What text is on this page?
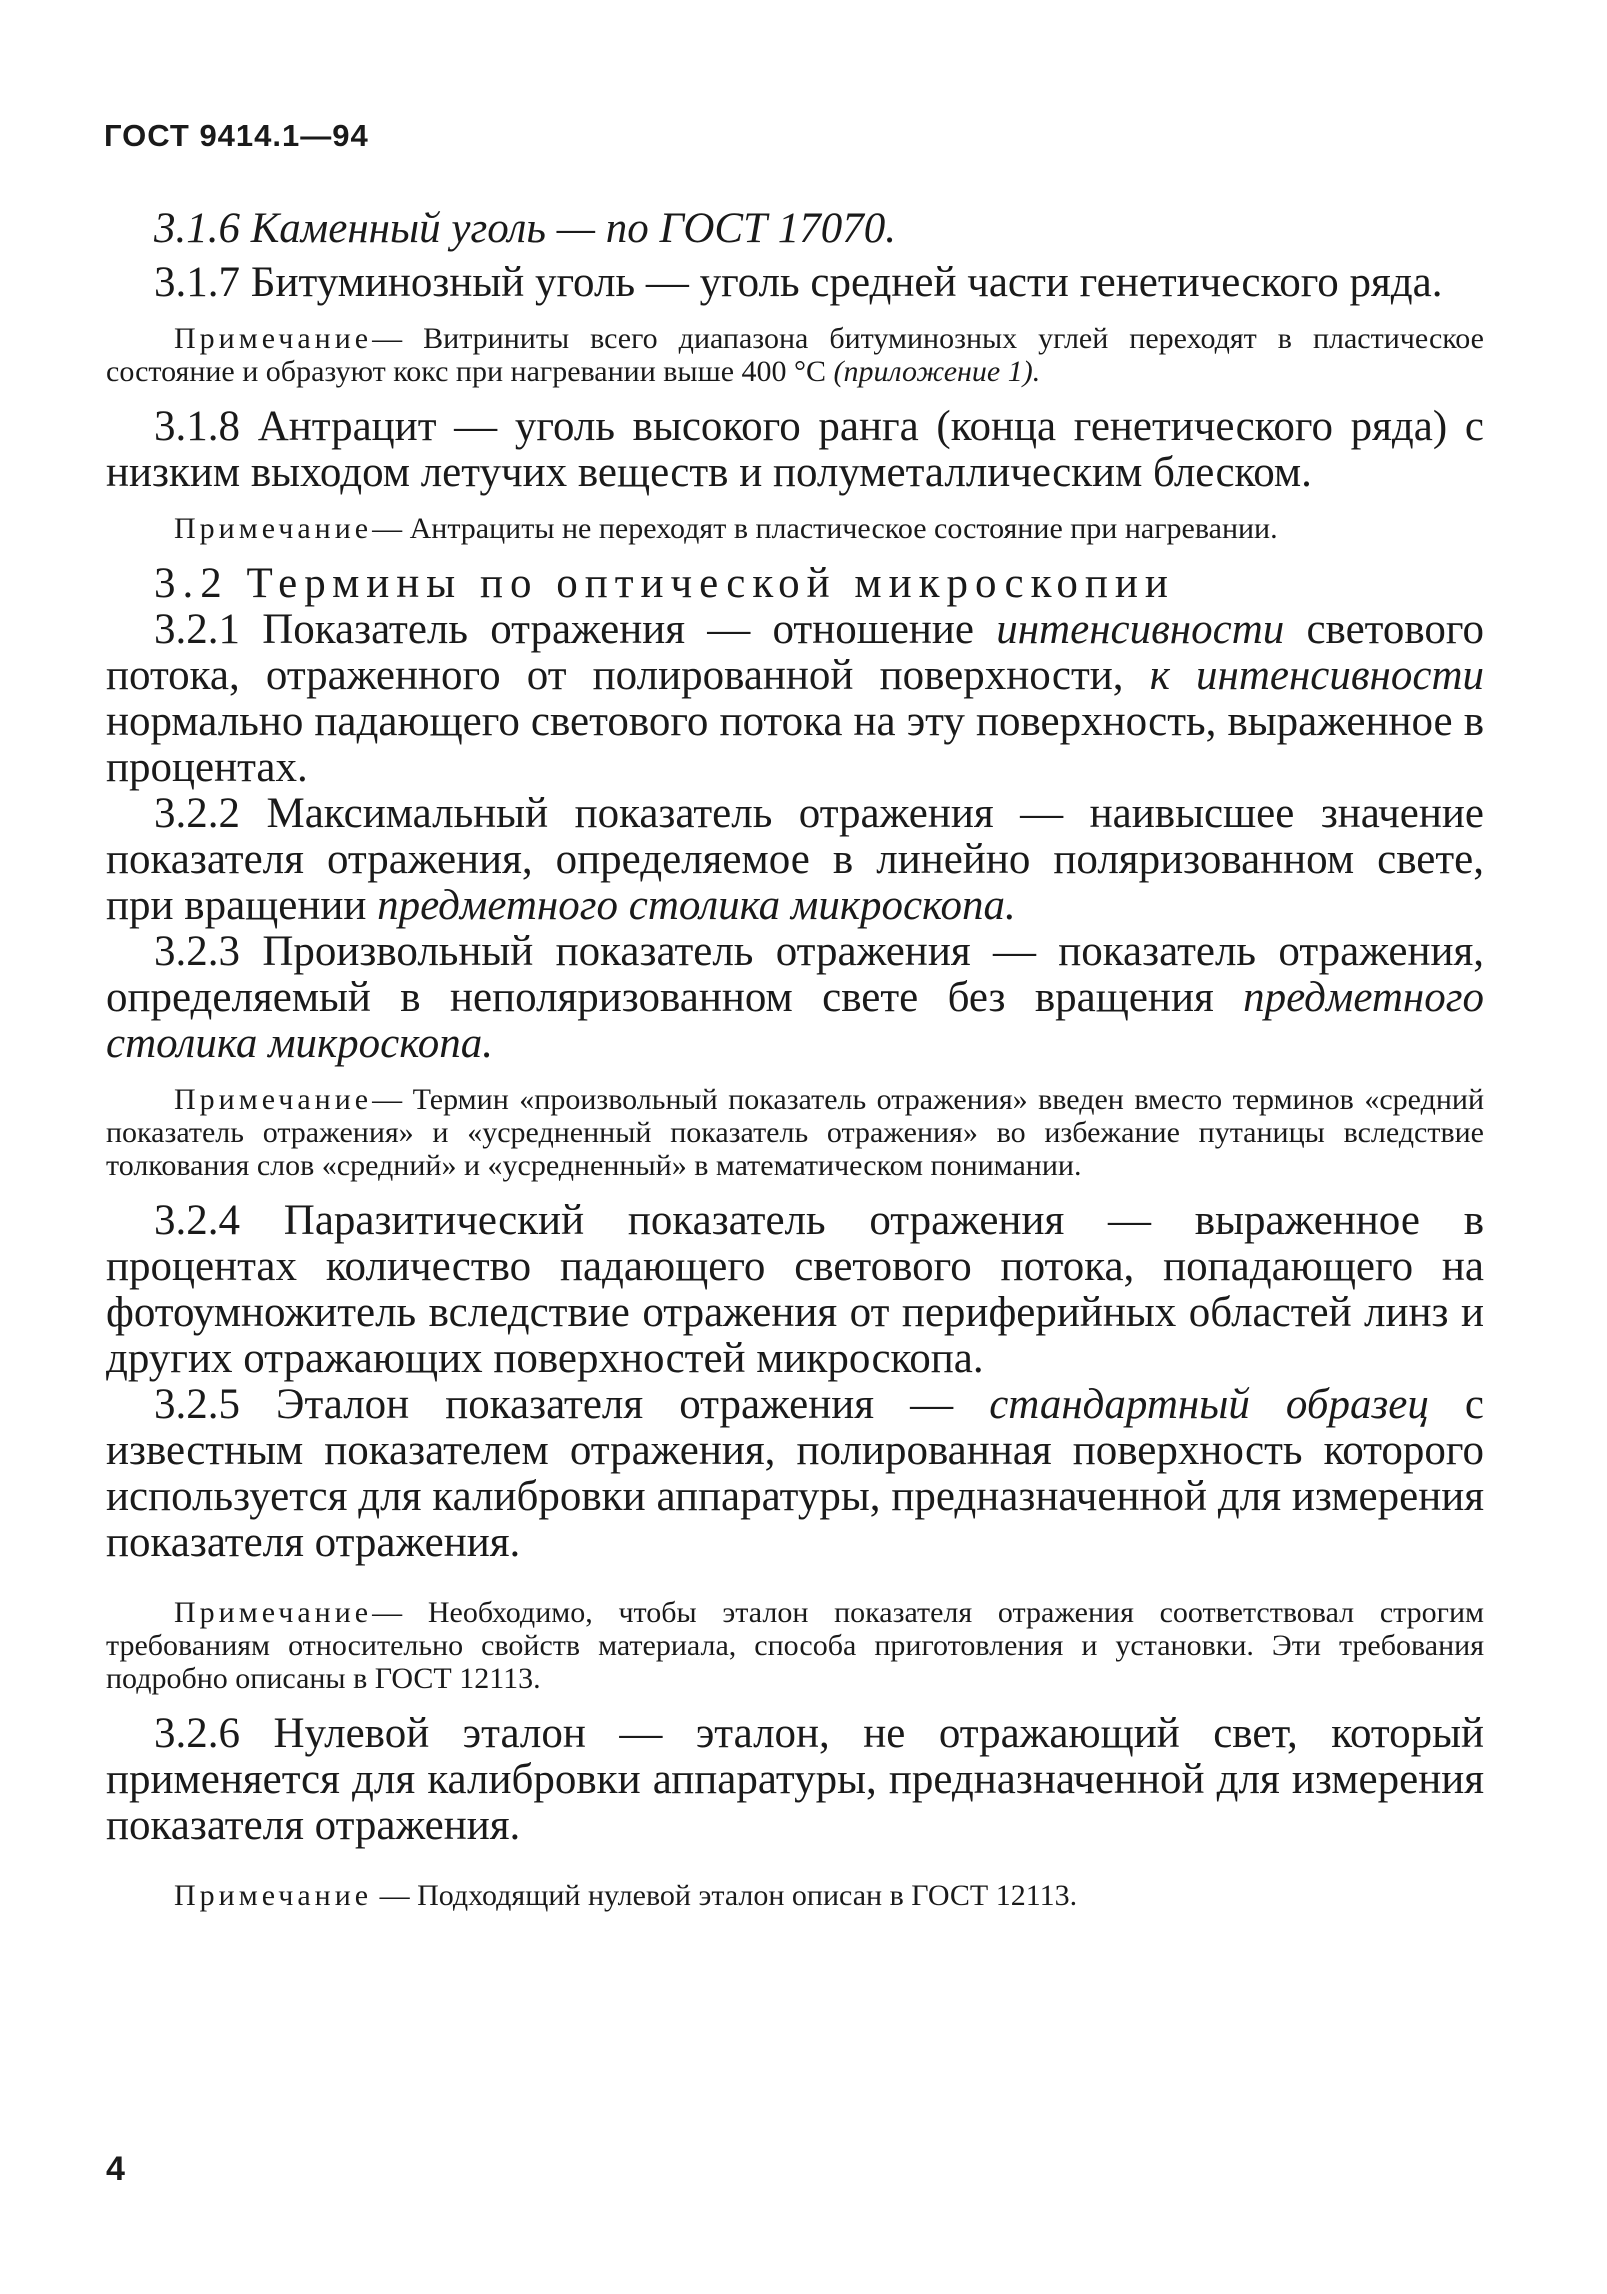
ГОСТ 9414.1—94

3.1.6 Каменный уголь — по ГОСТ 17070.

3.1.7 Битуминозный уголь — уголь средней части генетического ряда.

Примечание— Витриниты всего диапазона битуминозных углей переходят в пластическое состояние и образуют кокс при нагревании выше 400 °С (приложение 1).

3.1.8 Антрацит — уголь высокого ранга (конца генетического ряда) с низким выходом летучих веществ и полуметаллическим блеском.

Примечание— Антрациты не переходят в пластическое состояние при нагревании.

3.2 Термины по оптической микроскопии

3.2.1 Показатель отражения — отношение интенсивности светового потока, отраженного от полированной поверхности, к интенсивности нормально падающего светового потока на эту поверхность, выраженное в процентах.

3.2.2 Максимальный показатель отражения — наивысшее значение показателя отражения, определяемое в линейно поляризованном свете, при вращении предметного столика микроскопа.

3.2.3 Произвольный показатель отражения — показатель отражения, определяемый в неполяризованном свете без вращения предметного столика микроскопа.

Примечание— Термин «произвольный показатель отражения» введен вместо терминов «средний показатель отражения» и «усредненный показатель отражения» во избежание путаницы вследствие толкования слов «средний» и «усредненный» в математическом понимании.

3.2.4 Паразитический показатель отражения — выраженное в процентах количество падающего светового потока, попадающего на фотоумножитель вследствие отражения от периферийных областей линз и других отражающих поверхностей микроскопа.

3.2.5 Эталон показателя отражения — стандартный образец с известным показателем отражения, полированная поверхность которого используется для калибровки аппаратуры, предназначенной для измерения показателя отражения.

Примечание— Необходимо, чтобы эталон показателя отражения соответствовал строгим требованиям относительно свойств материала, способа приготовления и установки. Эти требования подробно описаны в ГОСТ 12113.

3.2.6 Нулевой эталон — эталон, не отражающий свет, который применяется для калибровки аппаратуры, предназначенной для измерения показателя отражения.

Примечание — Подходящий нулевой эталон описан в ГОСТ 12113.

4
